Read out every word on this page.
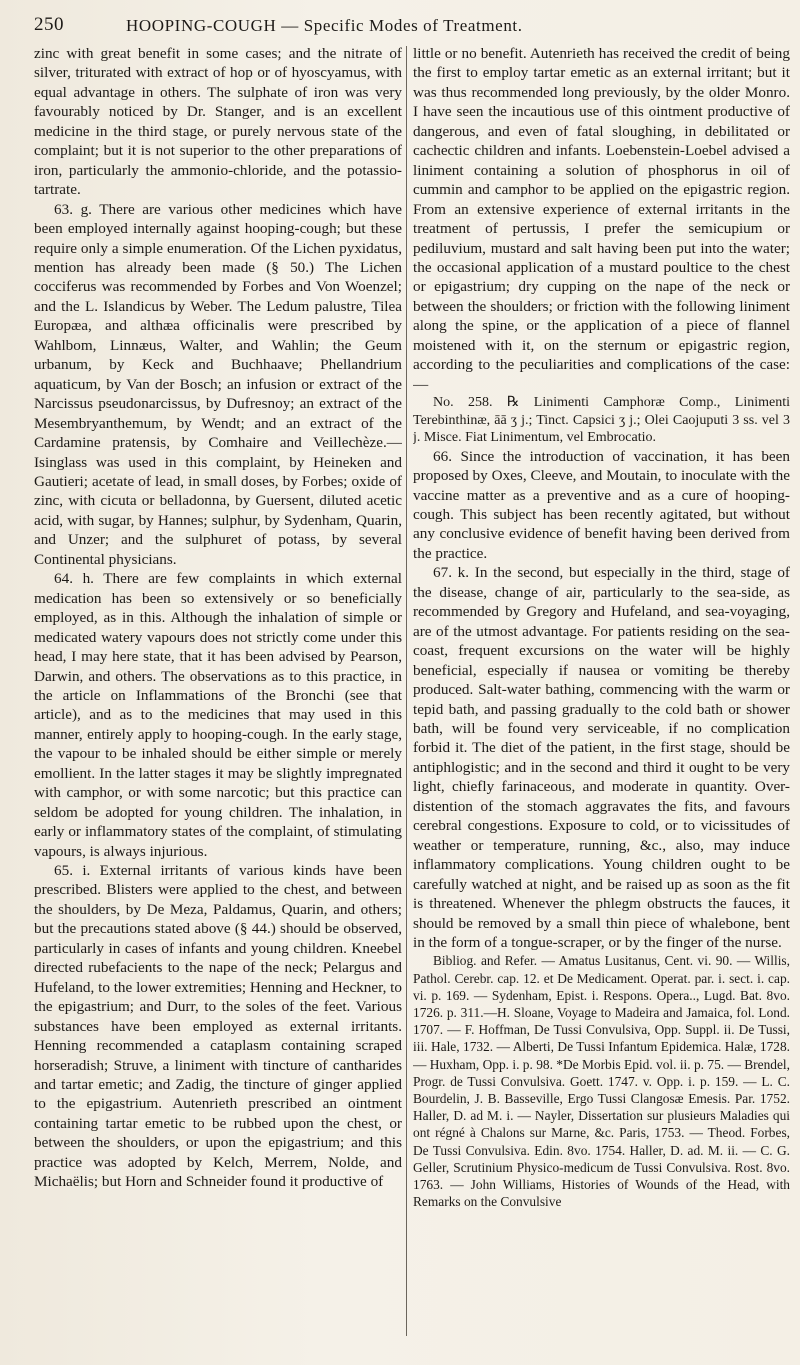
250	HOOPING-COUGH — Specific Modes of Treatment.

zinc with great benefit in some cases; and the nitrate of silver, triturated with extract of hop or of hyoscyamus, with equal advantage in others. The sulphate of iron was very favourably noticed by Dr. Stanger, and is an excellent medicine in the third stage, or purely nervous state of the complaint; but it is not superior to the other preparations of iron, particularly the ammonio-chloride, and the potassio-tartrate.

63. g. There are various other medicines which have been employed internally against hooping-cough; but these require only a simple enumeration. Of the Lichen pyxidatus, mention has already been made (§ 50.) The Lichen cocciferus was recommended by Forbes and Von Woenzel; and the L. Islandicus by Weber. The Ledum palustre, Tilea Europæa, and althæa officinalis were prescribed by Wahlbom, Linnæus, Walter, and Wahlin; the Geum urbanum, by Keck and Buchhaave; Phellandrium aquaticum, by Van der Bosch; an infusion or extract of the Narcissus pseudonarcissus, by Dufresnoy; an extract of the Mesembryanthemum, by Wendt; and an extract of the Cardamine pratensis, by Comhaire and Veillechèze.—Isinglass was used in this complaint, by Heineken and Gautieri; acetate of lead, in small doses, by Forbes; oxide of zinc, with cicuta or belladonna, by Guersent, diluted acetic acid, with sugar, by Hannes; sulphur, by Sydenham, Quarin, and Unzer; and the sulphuret of potass, by several Continental physicians.

64. h. There are few complaints in which external medication has been so extensively or so beneficially employed, as in this. Although the inhalation of simple or medicated watery vapours does not strictly come under this head, I may here state, that it has been advised by Pearson, Darwin, and others. The observations as to this practice, in the article on Inflammations of the Bronchi (see that article), and as to the medicines that may used in this manner, entirely apply to hooping-cough. In the early stage, the vapour to be inhaled should be either simple or merely emollient. In the latter stages it may be slightly impregnated with camphor, or with some narcotic; but this practice can seldom be adopted for young children. The inhalation, in early or inflammatory states of the complaint, of stimulating vapours, is always injurious.

65. i. External irritants of various kinds have been prescribed. Blisters were applied to the chest, and between the shoulders, by De Meza, Paldamus, Quarin, and others; but the precautions stated above (§ 44.) should be observed, particularly in cases of infants and young children. Kneebel directed rubefacients to the nape of the neck; Pelargus and Hufeland, to the lower extremities; Henning and Heckner, to the epigastrium; and Durr, to the soles of the feet. Various substances have been employed as external irritants. Henning recommended a cataplasm containing scraped horseradish; Struve, a liniment with tincture of cantharides and tartar emetic; and Zadig, the tincture of ginger applied to the epigastrium. Autenrieth prescribed an ointment containing tartar emetic to be rubbed upon the chest, or between the shoulders, or upon the epigastrium; and this practice was adopted by Kelch, Merrem, Nolde, and Michaëlis; but Horn and Schneider found it productive of

little or no benefit. Autenrieth has received the credit of being the first to employ tartar emetic as an external irritant; but it was thus recommended long previously, by the older Monro. I have seen the incautious use of this ointment productive of dangerous, and even of fatal sloughing, in debilitated or cachectic children and infants. Loebenstein-Loebel advised a liniment containing a solution of phosphorus in oil of cummin and camphor to be applied on the epigastric region. From an extensive experience of external irritants in the treatment of pertussis, I prefer the semicupium or pediluvium, mustard and salt having been put into the water; the occasional application of a mustard poultice to the chest or epigastrium; dry cupping on the nape of the neck or between the shoulders; or friction with the following liniment along the spine, or the application of a piece of flannel moistened with it, on the sternum or epigastric region, according to the peculiarities and complications of the case: —

No. 258. ℞ Linimenti Camphoræ Comp., Linimenti Terebinthinæ, āā ʒ j.; Tinct. Capsici ʒ j.; Olei Caojuputi 3 ss. vel 3 j. Misce. Fiat Linimentum, vel Embrocatio.

66. Since the introduction of vaccination, it has been proposed by Oxes, Cleeve, and Moutain, to inoculate with the vaccine matter as a preventive and as a cure of hooping-cough. This subject has been recently agitated, but without any conclusive evidence of benefit having been derived from the practice.

67. k. In the second, but especially in the third, stage of the disease, change of air, particularly to the sea-side, as recommended by Gregory and Hufeland, and sea-voyaging, are of the utmost advantage. For patients residing on the sea-coast, frequent excursions on the water will be highly beneficial, especially if nausea or vomiting be thereby produced. Salt-water bathing, commencing with the warm or tepid bath, and passing gradually to the cold bath or shower bath, will be found very serviceable, if no complication forbid it. The diet of the patient, in the first stage, should be antiphlogistic; and in the second and third it ought to be very light, chiefly farinaceous, and moderate in quantity. Over-distention of the stomach aggravates the fits, and favours cerebral congestions. Exposure to cold, or to vicissitudes of weather or temperature, running, &c., also, may induce inflammatory complications. Young children ought to be carefully watched at night, and be raised up as soon as the fit is threatened. Whenever the phlegm obstructs the fauces, it should be removed by a small thin piece of whalebone, bent in the form of a tongue-scraper, or by the finger of the nurse.

Bibliog. and Refer. — Amatus Lusitanus, Cent. vi. 90. — Willis, Pathol. Cerebr. cap. 12. et De Medicament. Operat. par. i. sect. i. cap. vi. p. 169. — Sydenham, Epist. i. Respons. Opera.., Lugd. Bat. 8vo. 1726. p. 311.—H. Sloane, Voyage to Madeira and Jamaica, fol. Lond. 1707. — F. Hoffman, De Tussi Convulsiva, Opp. Suppl. ii. De Tussi, iii. Hale, 1732. — Alberti, De Tussi Infantum Epidemica. Halæ, 1728. — Huxham, Opp. i. p. 98. *De Morbis Epid. vol. ii. p. 75. — Brendel, Progr. de Tussi Convulsiva. Goett. 1747. v. Opp. i. p. 159. — L. C. Bourdelin, J. B. Basseville, Ergo Tussi Clangosæ Emesis. Par. 1752. Haller, D. ad M. i. — Nayler, Dissertation sur plusieurs Maladies qui ont régné à Chalons sur Marne, &c. Paris, 1753. — Theod. Forbes, De Tussi Convulsiva. Edin. 8vo. 1754. Haller, D. ad. M. ii. — C. G. Geller, Scrutinium Physico-medicum de Tussi Convulsiva. Rost. 8vo. 1763. — John Williams, Histories of Wounds of the Head, with Remarks on the Convulsive
